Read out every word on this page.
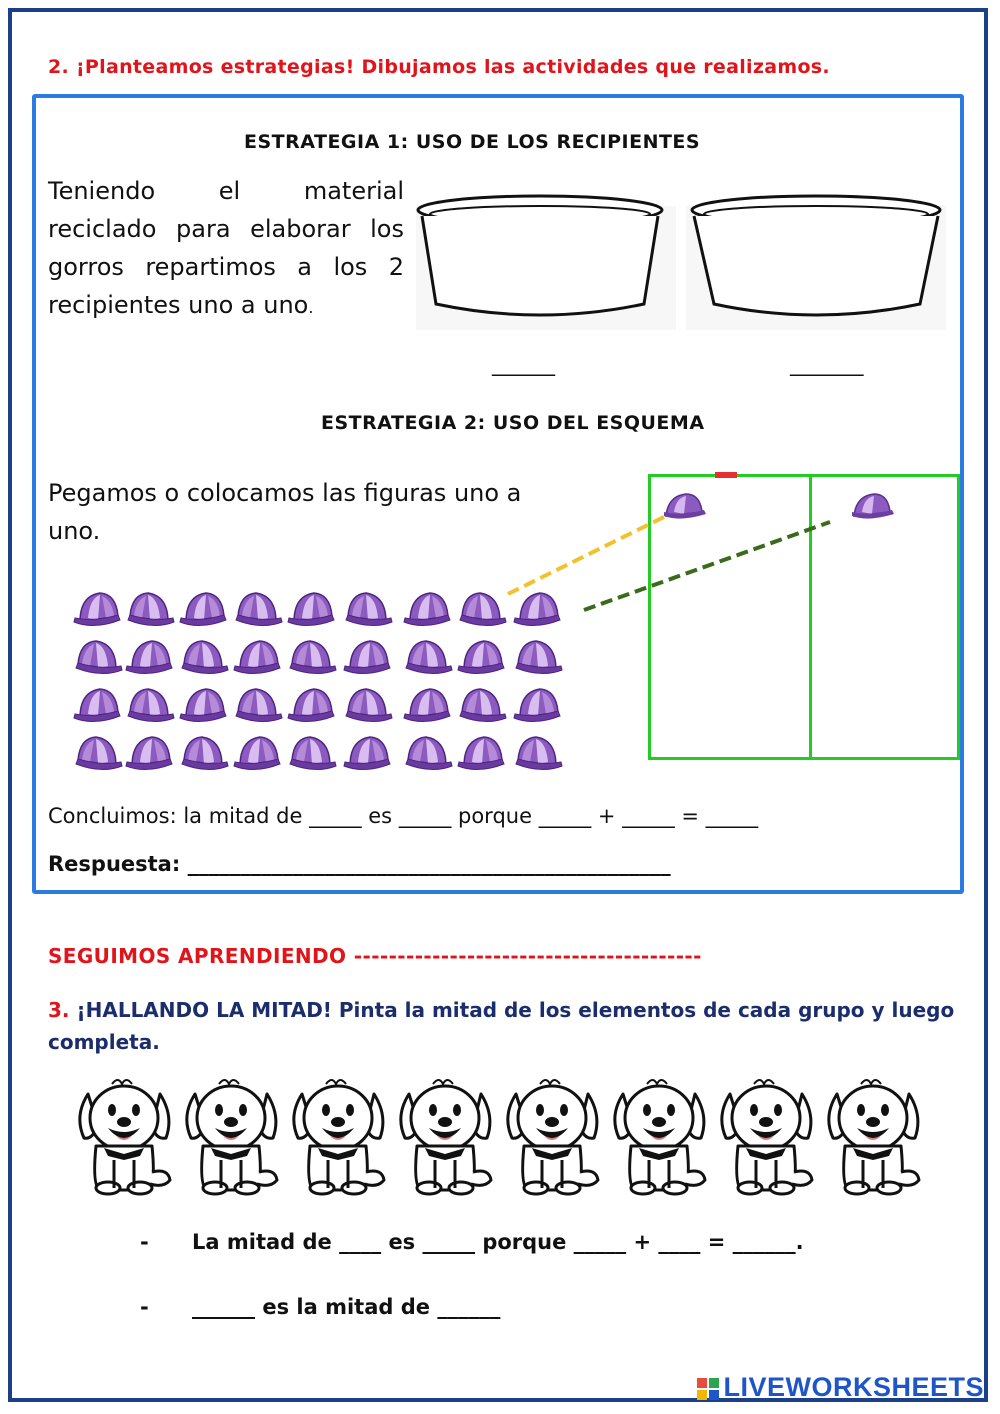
2. ¡Planteamos estrategias! Dibujamos las actividades que realizamos.
ESTRATEGIA 1: USO DE LOS RECIPIENTES
Teniendo el material reciclado para elaborar los gorros repartimos a los 2 recipientes uno a uno.
______	_______
ESTRATEGIA 2: USO DEL ESQUEMA
Pegamos o colocamos las figuras uno a uno.
Concluimos: la mitad de _____ es _____ porque _____ + _____ = _____
Respuesta: ______________________________________________
SEGUIMOS APRENDIENDO ----------------------------------------
3. ¡HALLANDO LA MITAD! Pinta la mitad de los elementos de cada grupo y luego completa.
- La mitad de ____ es _____ porque _____ + ____ = ______.
- ______ es la mitad de ______
LIVEWORKSHEETS
